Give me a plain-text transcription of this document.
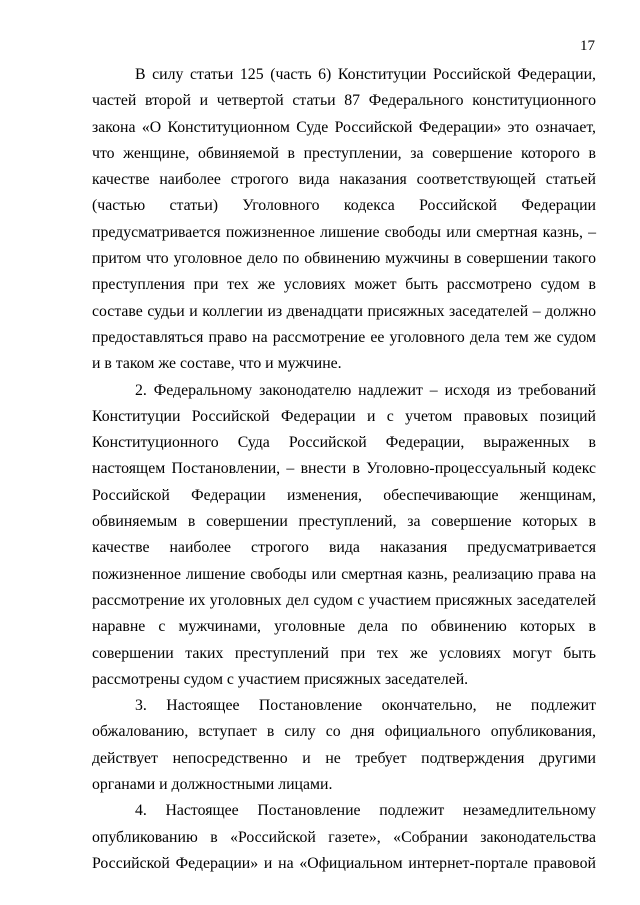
17

В силу статьи 125 (часть 6) Конституции Российской Федерации, частей второй и четвертой статьи 87 Федерального конституционного закона «О Конституционном Суде Российской Федерации» это означает, что женщине, обвиняемой в преступлении, за совершение которого в качестве наиболее строгого вида наказания соответствующей статьей (частью статьи) Уголовного кодекса Российской Федерации предусматривается пожизненное лишение свободы или смертная казнь, – притом что уголовное дело по обвинению мужчины в совершении такого преступления при тех же условиях может быть рассмотрено судом в составе судьи и коллегии из двенадцати присяжных заседателей – должно предоставляться право на рассмотрение ее уголовного дела тем же судом и в таком же составе, что и мужчине.

2. Федеральному законодателю надлежит – исходя из требований Конституции Российской Федерации и с учетом правовых позиций Конституционного Суда Российской Федерации, выраженных в настоящем Постановлении, – внести в Уголовно-процессуальный кодекс Российской Федерации изменения, обеспечивающие женщинам, обвиняемым в совершении преступлений, за совершение которых в качестве наиболее строгого вида наказания предусматривается пожизненное лишение свободы или смертная казнь, реализацию права на рассмотрение их уголовных дел судом с участием присяжных заседателей наравне с мужчинами, уголовные дела по обвинению которых в совершении таких преступлений при тех же условиях могут быть рассмотрены судом с участием присяжных заседателей.

3. Настоящее Постановление окончательно, не подлежит обжалованию, вступает в силу со дня официального опубликования, действует непосредственно и не требует подтверждения другими органами и должностными лицами.

4. Настоящее Постановление подлежит незамедлительному опубликованию в «Российской газете», «Собрании законодательства Российской Федерации» и на «Официальном интернет-портале правовой
